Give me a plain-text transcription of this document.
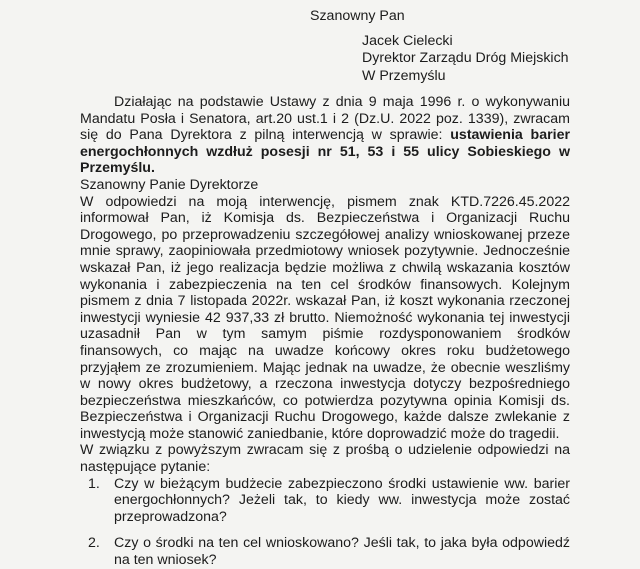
Szanowny Pan
Jacek Cielecki
Dyrektor Zarządu Dróg Miejskich
W Przemyślu

Działając na podstawie Ustawy z dnia 9 maja 1996 r. o wykonywaniu Mandatu Posła i Senatora, art.20 ust.1 i 2 (Dz.U. 2022 poz. 1339), zwracam się do Pana Dyrektora z pilną interwencją w sprawie: ustawienia barier energochłonnych wzdłuż posesji nr 51, 53 i 55 ulicy Sobieskiego w Przemyślu.

Szanowny Panie Dyrektorze

W odpowiedzi na moją interwencję, pismem znak KTD.7226.45.2022 informował Pan, iż Komisja ds. Bezpieczeństwa i Organizacji Ruchu Drogowego, po przeprowadzeniu szczegółowej analizy wnioskowanej przeze mnie sprawy, zaopiniowała przedmiotowy wniosek pozytywnie. Jednocześnie wskazał Pan, iż jego realizacja będzie możliwa z chwilą wskazania kosztów wykonania i zabezpieczenia na ten cel środków finansowych. Kolejnym pismem z dnia 7 listopada 2022r. wskazał Pan, iż koszt wykonania rzeczonej inwestycji wyniesie 42 937,33 zł brutto. Niemożność wykonania tej inwestycji uzasadnił Pan w tym samym piśmie rozdysponowaniem środków finansowych, co mając na uwadze końcowy okres roku budżetowego przyjąłem ze zrozumieniem. Mając jednak na uwadze, że obecnie weszliśmy w nowy okres budżetowy, a rzeczona inwestycja dotyczy bezpośredniego bezpieczeństwa mieszkańców, co potwierdza pozytywna opinia Komisji ds. Bezpieczeństwa i Organizacji Ruchu Drogowego, każde dalsze zwlekanie z inwestycją może stanowić zaniedbanie, które doprowadzić może do tragedii.

W związku z powyższym zwracam się z prośbą o udzielenie odpowiedzi na następujące pytanie:

1. Czy w bieżącym budżecie zabezpieczono środki ustawienie ww. barier energochłonnych? Jeżeli tak, to kiedy ww. inwestycja może zostać przeprowadzona?
2. Czy o środki na ten cel wnioskowano? Jeśli tak, to jaka była odpowiedź na ten wniosek?
